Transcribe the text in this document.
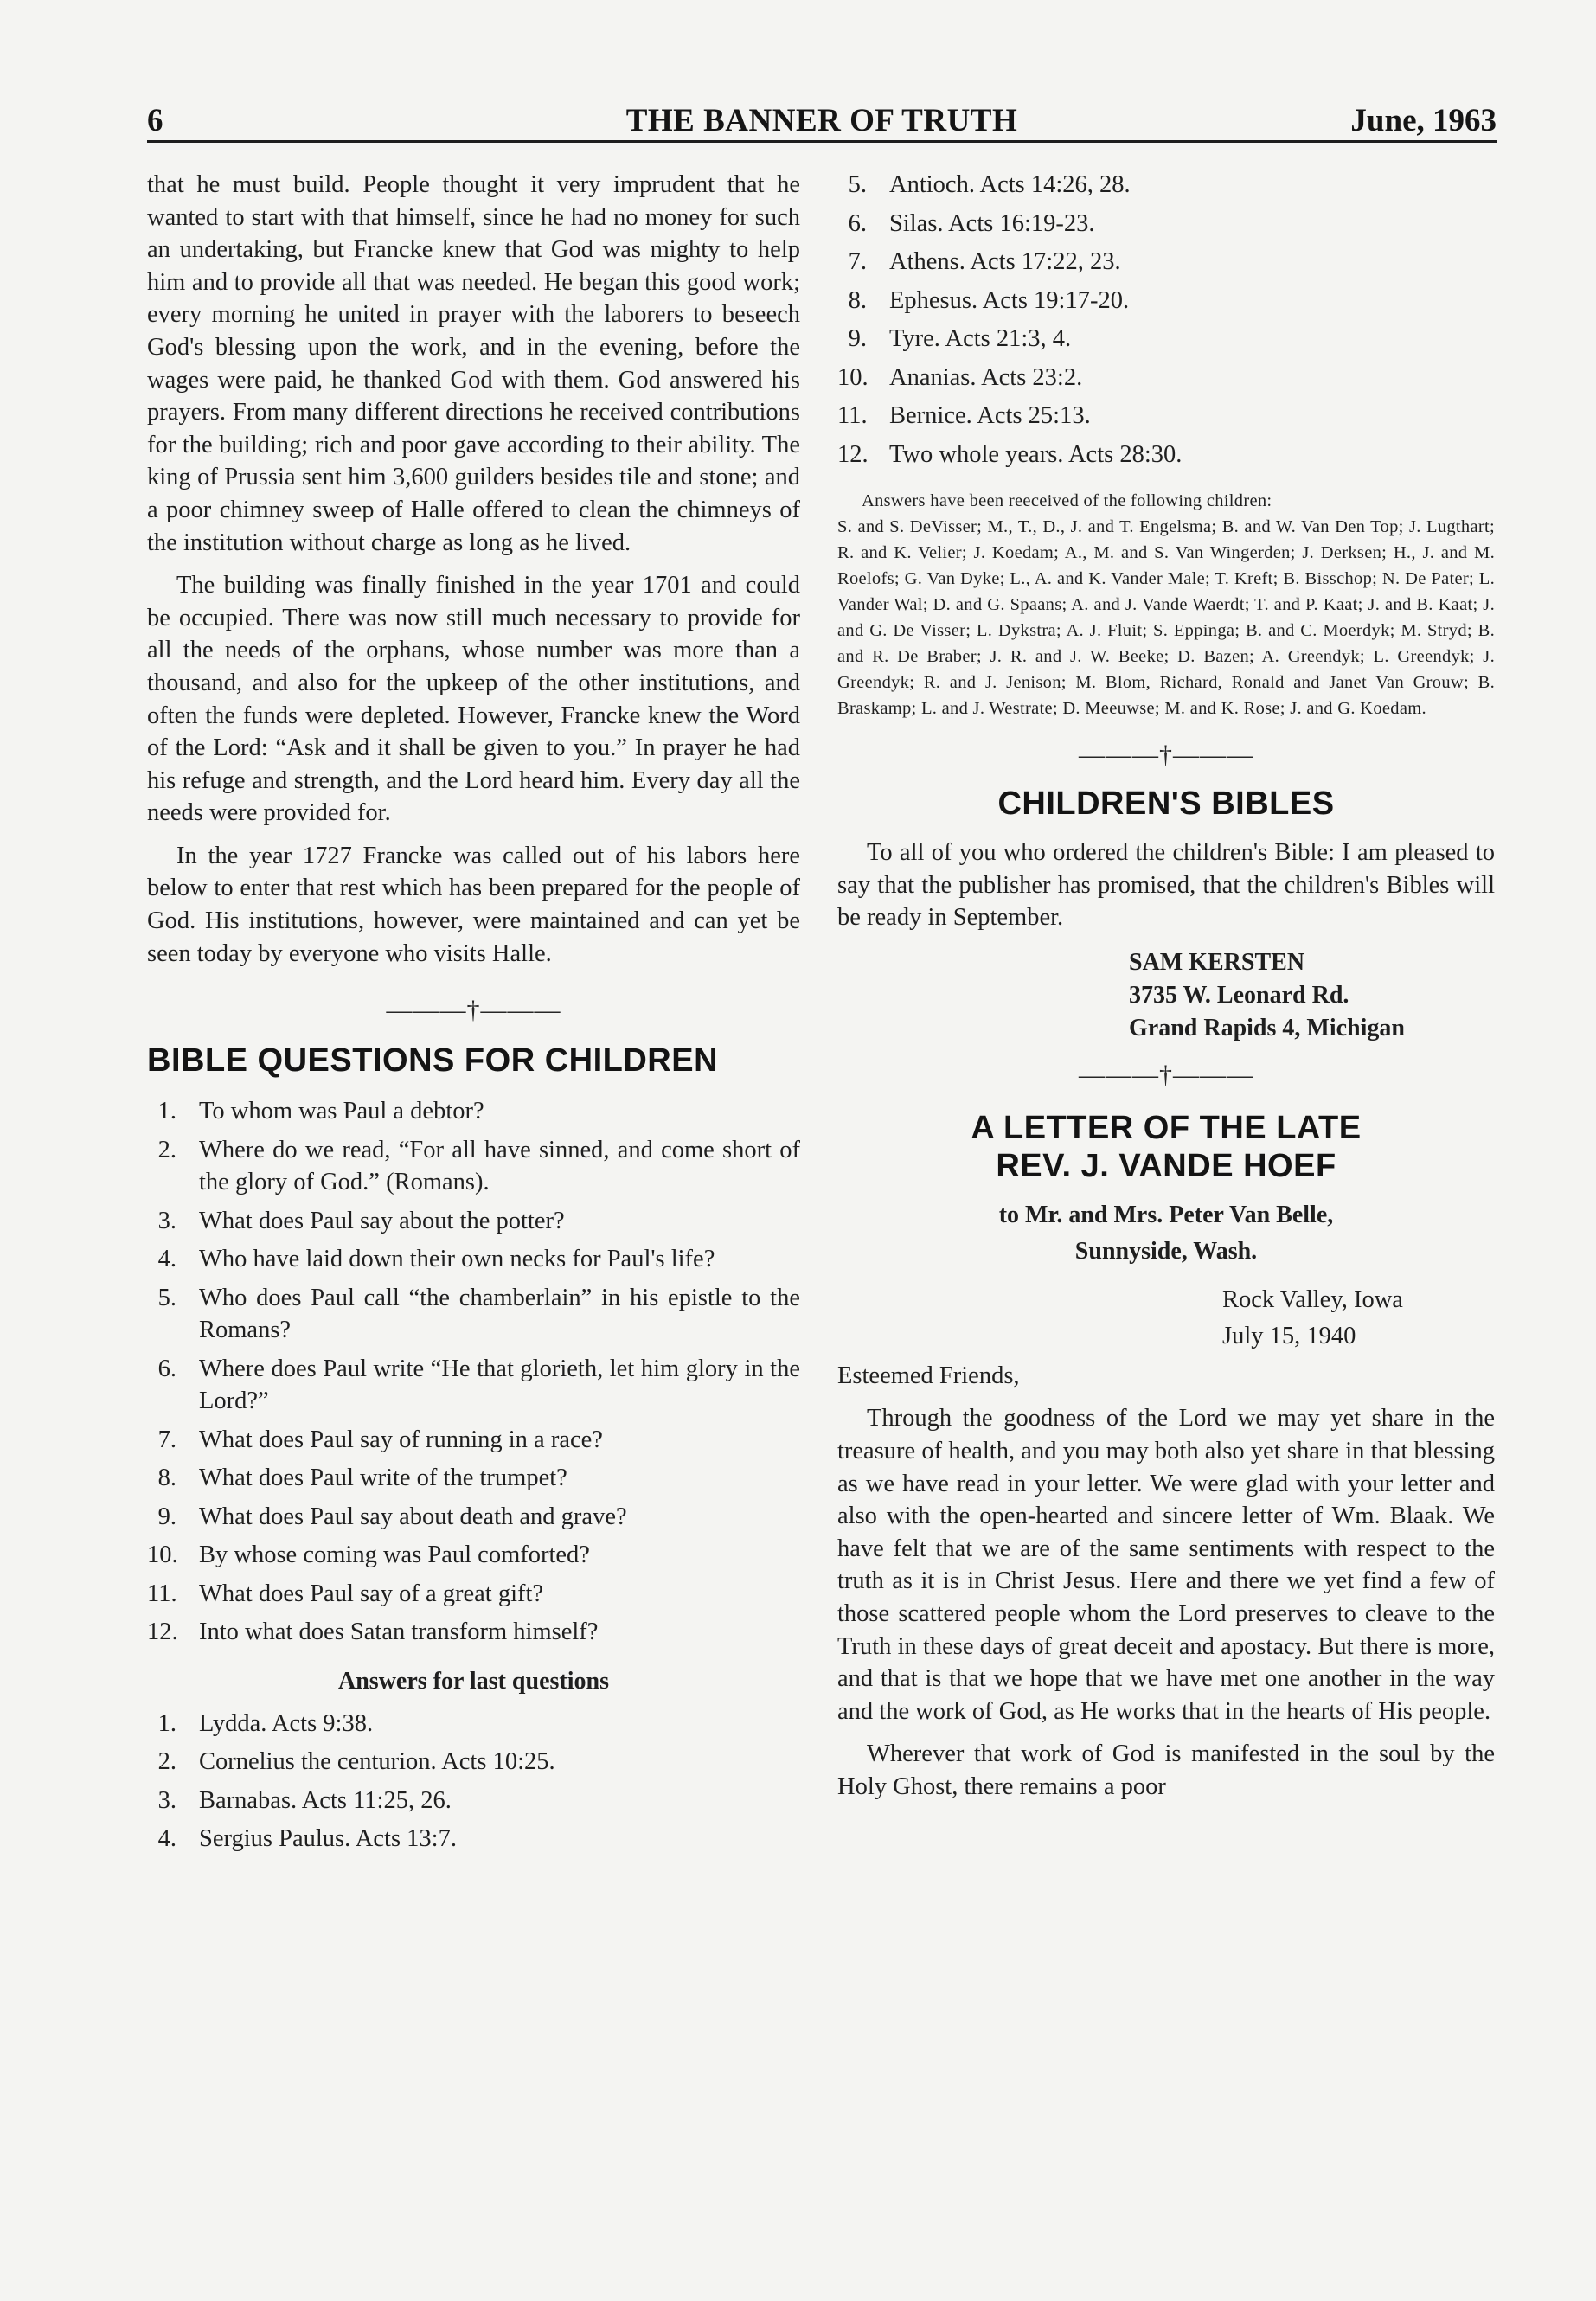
6	THE BANNER OF TRUTH	June, 1963

that he must build. People thought it very imprudent that he wanted to start with that himself, since he had no money for such an undertaking, but Francke knew that God was mighty to help him and to provide all that was needed. He began this good work; every morning he united in prayer with the laborers to beseech God's blessing upon the work, and in the evening, before the wages were paid, he thanked God with them. God answered his prayers. From many different directions he received contributions for the building; rich and poor gave according to their ability. The king of Prussia sent him 3,600 guilders besides tile and stone; and a poor chimney sweep of Halle offered to clean the chimneys of the institution without charge as long as he lived.

The building was finally finished in the year 1701 and could be occupied. There was now still much necessary to provide for all the needs of the orphans, whose number was more than a thousand, and also for the upkeep of the other institutions, and often the funds were depleted. However, Francke knew the Word of the Lord: “Ask and it shall be given to you.” In prayer he had his refuge and strength, and the Lord heard him. Every day all the needs were provided for.

In the year 1727 Francke was called out of his labors here below to enter that rest which has been prepared for the people of God. His institutions, however, were maintained and can yet be seen today by everyone who visits Halle.

———†———
BIBLE QUESTIONS FOR CHILDREN
1. To whom was Paul a debtor?
2. Where do we read, “For all have sinned, and come short of the glory of God.” (Romans).
3. What does Paul say about the potter?
4. Who have laid down their own necks for Paul's life?
5. Who does Paul call “the chamberlain” in his epistle to the Romans?
6. Where does Paul write “He that glorieth, let him glory in the Lord?”
7. What does Paul say of running in a race?
8. What does Paul write of the trumpet?
9. What does Paul say about death and grave?
10. By whose coming was Paul comforted?
11. What does Paul say of a great gift?
12. Into what does Satan transform himself?
Answers for last questions
1. Lydda. Acts 9:38.
2. Cornelius the centurion. Acts 10:25.
3. Barnabas. Acts 11:25, 26.
4. Sergius Paulus. Acts 13:7.
5. Antioch. Acts 14:26, 28.
6. Silas. Acts 16:19-23.
7. Athens. Acts 17:22, 23.
8. Ephesus. Acts 19:17-20.
9. Tyre. Acts 21:3, 4.
10. Ananias. Acts 23:2.
11. Bernice. Acts 25:13.
12. Two whole years. Acts 28:30.
Answers have been reeceived of the following children:
S. and S. DeVisser; M., T., D., J. and T. Engelsma; B. and W. Van Den Top; J. Lugthart; R. and K. Velier; J. Koedam; A., M. and S. Van Wingerden; J. Derksen; H., J. and M. Roelofs; G. Van Dyke; L., A. and K. Vander Male; T. Kreft; B. Bisschop; N. De Pater; L. Vander Wal; D. and G. Spaans; A. and J. Vande Waerdt; T. and P. Kaat; J. and B. Kaat; J. and G. De Visser; L. Dykstra; A. J. Fluit; S. Eppinga; B. and C. Moerdyk; M. Stryd; B. and R. De Braber; J. R. and J. W. Beeke; D. Bazen; A. Greendyk; L. Greendyk; J. Greendyk; R. and J. Jenison; M. Blom, Richard, Ronald and Janet Van Grouw; B. Braskamp; L. and J. Westrate; D. Meeuwse; M. and K. Rose; J. and G. Koedam.
———†———
CHILDREN'S BIBLES

To all of you who ordered the children's Bible: I am pleased to say that the publisher has promised, that the children's Bibles will be ready in September.

SAM KERSTEN
3735 W. Leonard Rd.
Grand Rapids 4, Michigan
———†———
A LETTER OF THE LATE
REV. J. VANDE HOEF
to Mr. and Mrs. Peter Van Belle,
Sunnyside, Wash.
Rock Valley, Iowa
July 15, 1940

Esteemed Friends,

Through the goodness of the Lord we may yet share in the treasure of health, and you may both also yet share in that blessing as we have read in your letter. We were glad with your letter and also with the open-hearted and sincere letter of Wm. Blaak. We have felt that we are of the same sentiments with respect to the truth as it is in Christ Jesus. Here and there we yet find a few of those scattered people whom the Lord preserves to cleave to the Truth in these days of great deceit and apostacy. But there is more, and that is that we hope that we have met one another in the way and the work of God, as He works that in the hearts of His people.

Wherever that work of God is manifested in the soul by the Holy Ghost, there remains a poor
